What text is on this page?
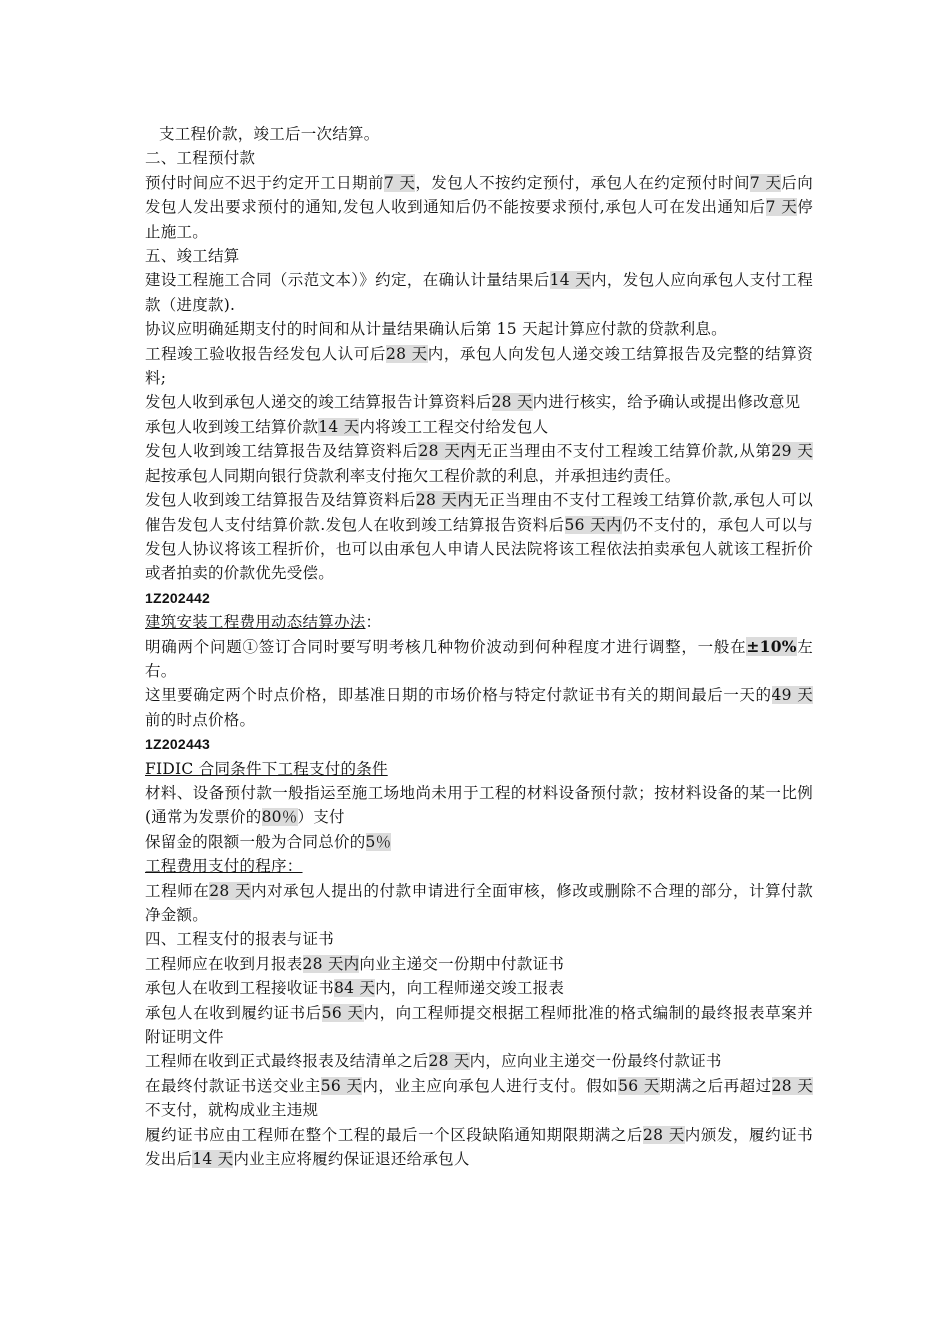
支工程价款，竣工后一次结算。

二、工程预付款

预付时间应不迟于约定开工日期前7 天，发包人不按约定预付，承包人在约定预付时间7 天后向发包人发出要求预付的通知,发包人收到通知后仍不能按要求预付,承包人可在发出通知后7 天停止施工。

五、竣工结算

建设工程施工合同（示范文本）》约定，在确认计量结果后14 天内，发包人应向承包人支付工程款（进度款).

协议应明确延期支付的时间和从计量结果确认后第 15 天起计算应付款的贷款利息。

工程竣工验收报告经发包人认可后28 天内，承包人向发包人递交竣工结算报告及完整的结算资料;

发包人收到承包人递交的竣工结算报告计算资料后28 天内进行核实，给予确认或提出修改意见

承包人收到竣工结算价款14 天内将竣工工程交付给发包人

发包人收到竣工结算报告及结算资料后28 天内无正当理由不支付工程竣工结算价款,从第29 天起按承包人同期向银行贷款利率支付拖欠工程价款的利息，并承担违约责任。

发包人收到竣工结算报告及结算资料后28 天内无正当理由不支付工程竣工结算价款,承包人可以催告发包人支付结算价款.发包人在收到竣工结算报告资料后56 天内仍不支付的，承包人可以与发包人协议将该工程折价，也可以由承包人申请人民法院将该工程依法拍卖承包人就该工程折价或者拍卖的价款优先受偿。

1Z202442

建筑安装工程费用动态结算办法：

明确两个问题①签订合同时要写明考核几种物价波动到何种程度才进行调整，一般在±10%左右。

这里要确定两个时点价格，即基准日期的市场价格与特定付款证书有关的期间最后一天的49 天前的时点价格。

1Z202443

FIDIC 合同条件下工程支付的条件

材料、设备预付款一般指运至施工场地尚未用于工程的材料设备预付款；按材料设备的某一比例(通常为发票价的80％）支付

保留金的限额一般为合同总价的5％

工程费用支付的程序：

工程师在28 天内对承包人提出的付款申请进行全面审核，修改或删除不合理的部分，计算付款净金额。

四、工程支付的报表与证书

工程师应在收到月报表28 天内向业主递交一份期中付款证书

承包人在收到工程接收证书84 天内，向工程师递交竣工报表

承包人在收到履约证书后56 天内，向工程师提交根据工程师批准的格式编制的最终报表草案并附证明文件

工程师在收到正式最终报表及结清单之后28 天内，应向业主递交一份最终付款证书

在最终付款证书送交业主56 天内，业主应向承包人进行支付。假如56 天期满之后再超过28 天不支付，就构成业主违规

履约证书应由工程师在整个工程的最后一个区段缺陷通知期限期满之后28 天内颁发，履约证书发出后14 天内业主应将履约保证退还给承包人
